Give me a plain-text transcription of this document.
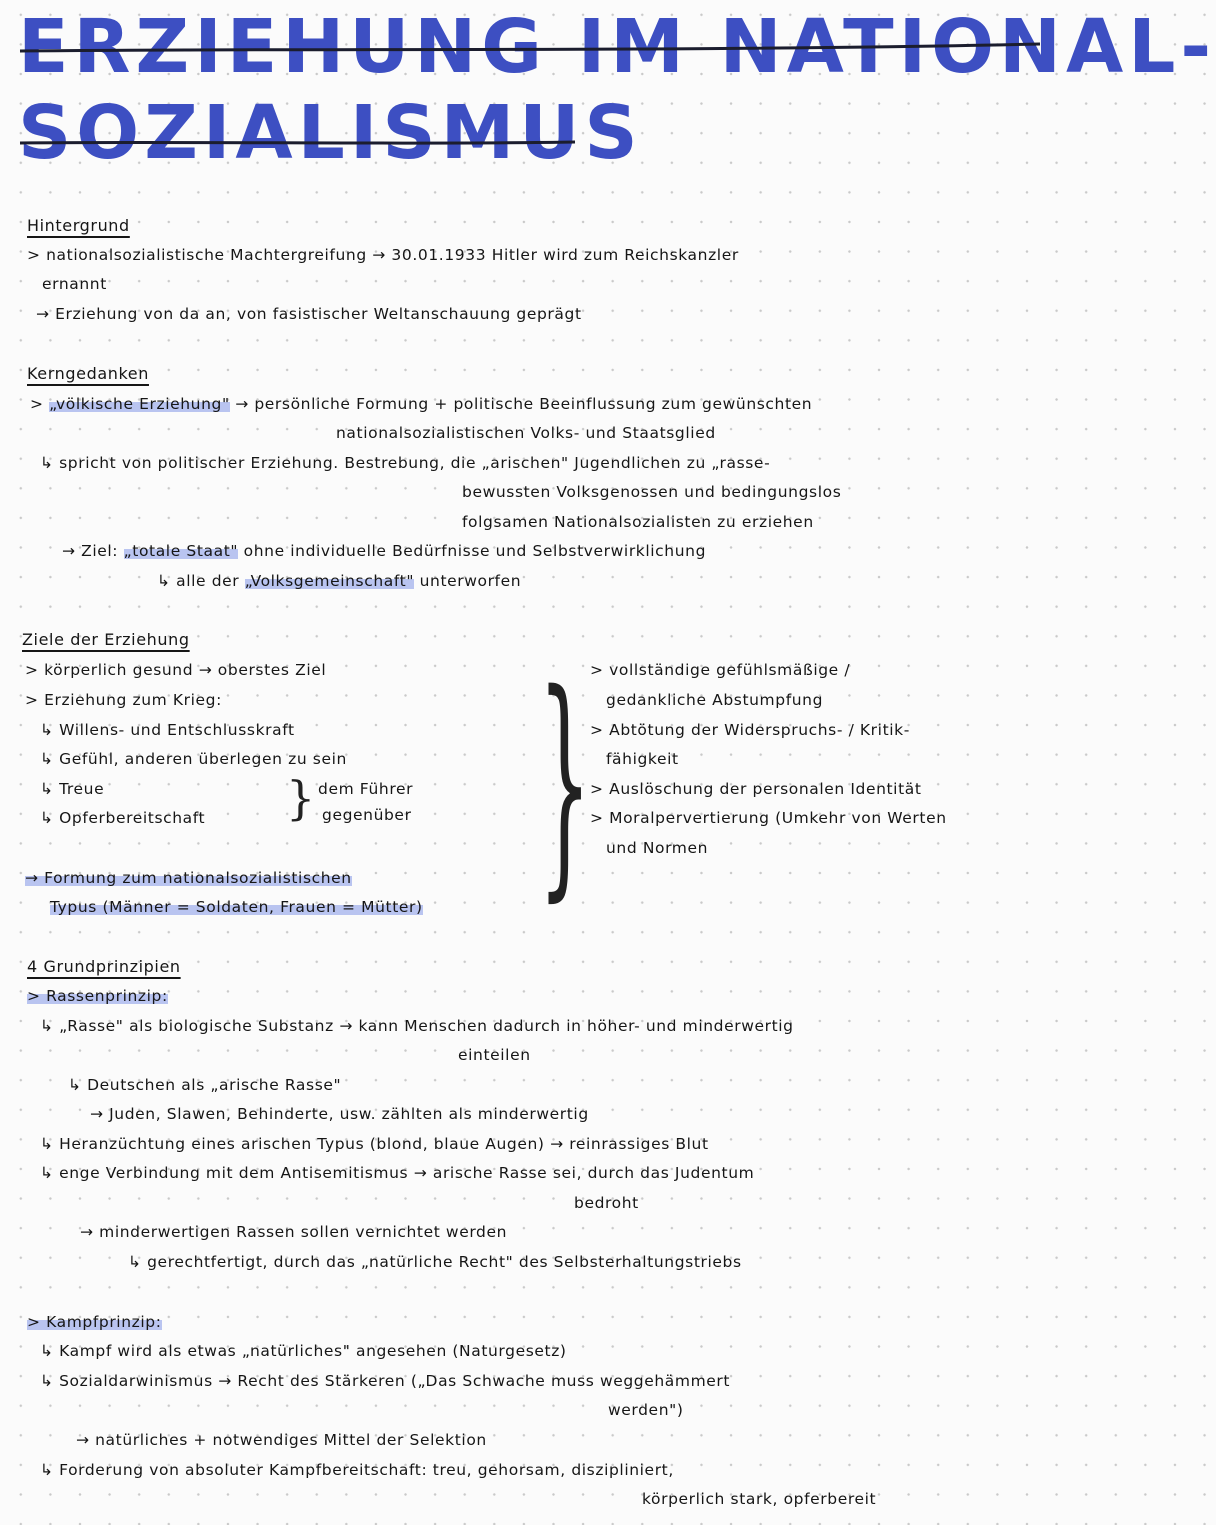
ERZIEHUNG IM NATIONAL-
SOZIALISMUS
Hintergrund
> nationalsozialistische Machtergreifung → 30.01.1933 Hitler wird zum Reichskanzler
ernannt
→ Erziehung von da an, von fasistischer Weltanschauung geprägt
Kerngedanken
> „völkische Erziehung" → persönliche Formung + politische Beeinflussung zum gewünschten
nationalsozialistischen Volks- und Staatsglied
↳ spricht von politischer Erziehung. Bestrebung, die „arischen" Jugendlichen zu „rasse-
bewussten Volksgenossen und bedingungslos
folgsamen Nationalsozialisten zu erziehen
→ Ziel: „totale Staat" ohne individuelle Bedürfnisse und Selbstverwirklichung
↳ alle der „Volksgemeinschaft" unterworfen
Ziele der Erziehung
> körperlich gesund → oberstes Ziel
> Erziehung zum Krieg:
↳ Willens- und Entschlusskraft
↳ Gefühl, anderen überlegen zu sein
↳ Treue
↳ Opferbereitschaft } dem Führer
gegenüber
→ Formung zum nationalsozialistischen
Typus (Männer = Soldaten, Frauen = Mütter) }
> vollständige gefühlsmäßige /
gedankliche Abstumpfung
> Abtötung der Widerspruchs- / Kritik-
fähigkeit
> Auslöschung der personalen Identität
> Moralpervertierung (Umkehr von Werten
und Normen
4 Grundprinzipien
> Rassenprinzip:
↳ „Rasse" als biologische Substanz → kann Menschen dadurch in höher- und minderwertig
einteilen
↳ Deutschen als „arische Rasse"
→ Juden, Slawen, Behinderte, usw. zählten als minderwertig
↳ Heranzüchtung eines arischen Typus (blond, blaue Augen) → reinrassiges Blut
↳ enge Verbindung mit dem Antisemitismus → arische Rasse sei, durch das Judentum
bedroht
→ minderwertigen Rassen sollen vernichtet werden
↳ gerechtfertigt, durch das „natürliche Recht" des Selbsterhaltungstriebs
> Kampfprinzip:
↳ Kampf wird als etwas „natürliches" angesehen (Naturgesetz)
↳ Sozialdarwinismus → Recht des Stärkeren („Das Schwache muss weggehämmert
werden")
→ natürliches + notwendiges Mittel der Selektion
↳ Forderung von absoluter Kampfbereitschaft: treu, gehorsam, diszipliniert,
körperlich stark, opferbereit
